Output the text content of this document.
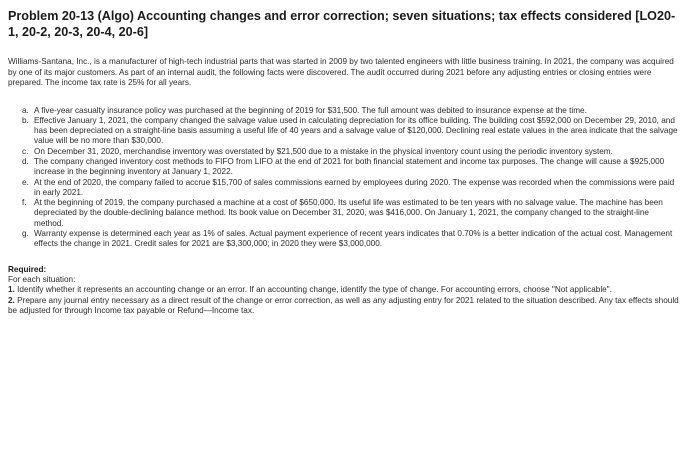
Problem 20-13 (Algo) Accounting changes and error correction; seven situations; tax effects considered [LO20-1, 20-2, 20-3, 20-4, 20-6]

Williams-Santana, Inc., is a manufacturer of high-tech industrial parts that was started in 2009 by two talented engineers with little business training. In 2021, the company was acquired by one of its major customers. As part of an internal audit, the following facts were discovered. The audit occurred during 2021 before any adjusting entries or closing entries were prepared. The income tax rate is 25% for all years.

a. A five-year casualty insurance policy was purchased at the beginning of 2019 for $31,500. The full amount was debited to insurance expense at the time.
b. Effective January 1, 2021, the company changed the salvage value used in calculating depreciation for its office building. The building cost $592,000 on December 29, 2010, and has been depreciated on a straight-line basis assuming a useful life of 40 years and a salvage value of $120,000. Declining real estate values in the area indicate that the salvage value will be no more than $30,000.
c. On December 31, 2020, merchandise inventory was overstated by $21,500 due to a mistake in the physical inventory count using the periodic inventory system.
d. The company changed inventory cost methods to FIFO from LIFO at the end of 2021 for both financial statement and income tax purposes. The change will cause a $925,000 increase in the beginning inventory at January 1, 2022.
e. At the end of 2020, the company failed to accrue $15,700 of sales commissions earned by employees during 2020. The expense was recorded when the commissions were paid in early 2021.
f. At the beginning of 2019, the company purchased a machine at a cost of $650,000. Its useful life was estimated to be ten years with no salvage value. The machine has been depreciated by the double-declining balance method. Its book value on December 31, 2020, was $416,000. On January 1, 2021, the company changed to the straight-line method.
g. Warranty expense is determined each year as 1% of sales. Actual payment experience of recent years indicates that 0.70% is a better indication of the actual cost. Management effects the change in 2021. Credit sales for 2021 are $3,300,000; in 2020 they were $3,000,000.
Required:
For each situation:
1. Identify whether it represents an accounting change or an error. If an accounting change, identify the type of change. For accounting errors, choose "Not applicable".
2. Prepare any journal entry necessary as a direct result of the change or error correction, as well as any adjusting entry for 2021 related to the situation described. Any tax effects should be adjusted for through Income tax payable or Refund—Income tax.
